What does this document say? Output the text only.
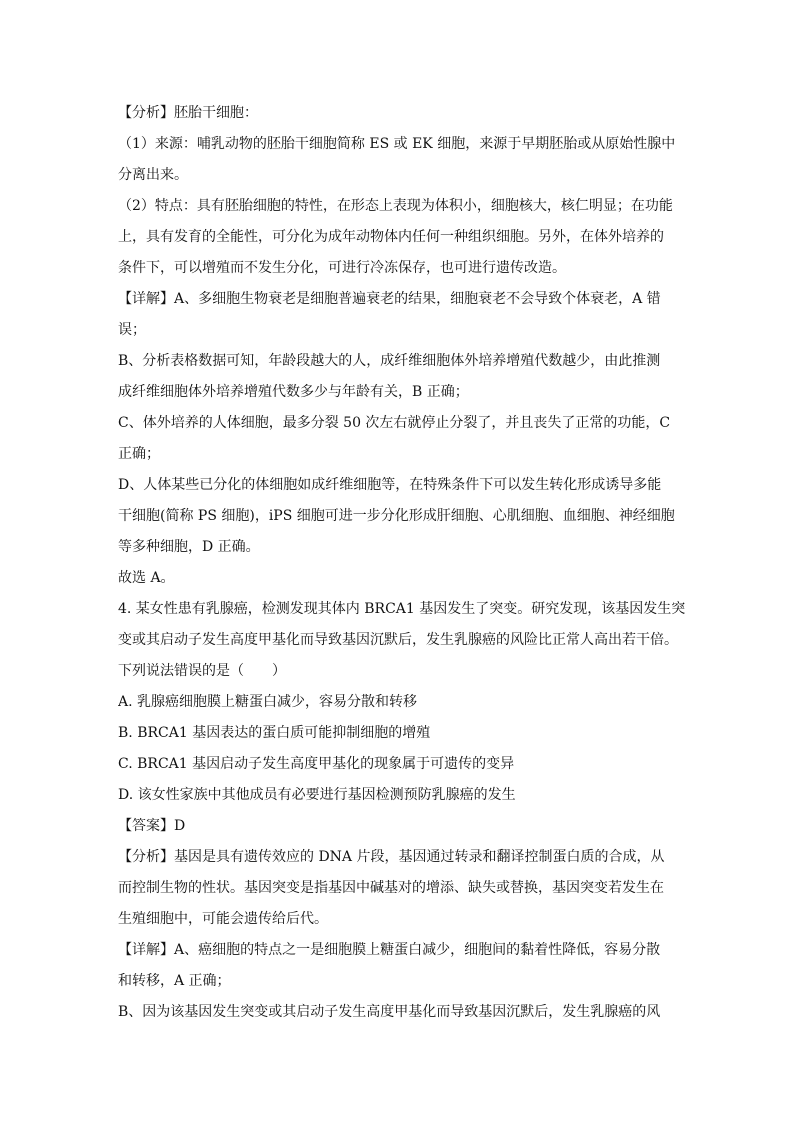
【分析】胚胎干细胞：
（1）来源：哺乳动物的胚胎干细胞简称 ES 或 EK 细胞，来源于早期胚胎或从原始性腺中
分离出来。
（2）特点：具有胚胎细胞的特性，在形态上表现为体积小，细胞核大，核仁明显；在功能
上，具有发育的全能性，可分化为成年动物体内任何一种组织细胞。另外，在体外培养的
条件下，可以增殖而不发生分化，可进行冷冻保存，也可进行遗传改造。
【详解】A、多细胞生物衰老是细胞普遍衰老的结果，细胞衰老不会导致个体衰老，A 错
误；
B、分析表格数据可知，年龄段越大的人，成纤维细胞体外培养增殖代数越少，由此推测
成纤维细胞体外培养增殖代数多少与年龄有关，B 正确；
C、体外培养的人体细胞，最多分裂 50 次左右就停止分裂了，并且丧失了正常的功能，C
正确；
D、人体某些已分化的体细胞如成纤维细胞等，在特殊条件下可以发生转化形成诱导多能
干细胞(简称 PS 细胞)，iPS 细胞可进一步分化形成肝细胞、心肌细胞、血细胞、神经细胞
等多种细胞，D 正确。
故选 A。
4. 某女性患有乳腺癌，检测发现其体内 BRCA1 基因发生了突变。研究发现，该基因发生突
变或其启动子发生高度甲基化而导致基因沉默后，发生乳腺癌的风险比正常人高出若干倍。
下列说法错误的是（　　）
A. 乳腺癌细胞膜上糖蛋白减少，容易分散和转移
B. BRCA1 基因表达的蛋白质可能抑制细胞的增殖
C. BRCA1 基因启动子发生高度甲基化的现象属于可遗传的变异
D. 该女性家族中其他成员有必要进行基因检测预防乳腺癌的发生
【答案】D
【分析】基因是具有遗传效应的 DNA 片段，基因通过转录和翻译控制蛋白质的合成，从
而控制生物的性状。基因突变是指基因中碱基对的增添、缺失或替换，基因突变若发生在
生殖细胞中，可能会遗传给后代。
【详解】A、癌细胞的特点之一是细胞膜上糖蛋白减少，细胞间的黏着性降低，容易分散
和转移，A 正确；
B、因为该基因发生突变或其启动子发生高度甲基化而导致基因沉默后，发生乳腺癌的风
